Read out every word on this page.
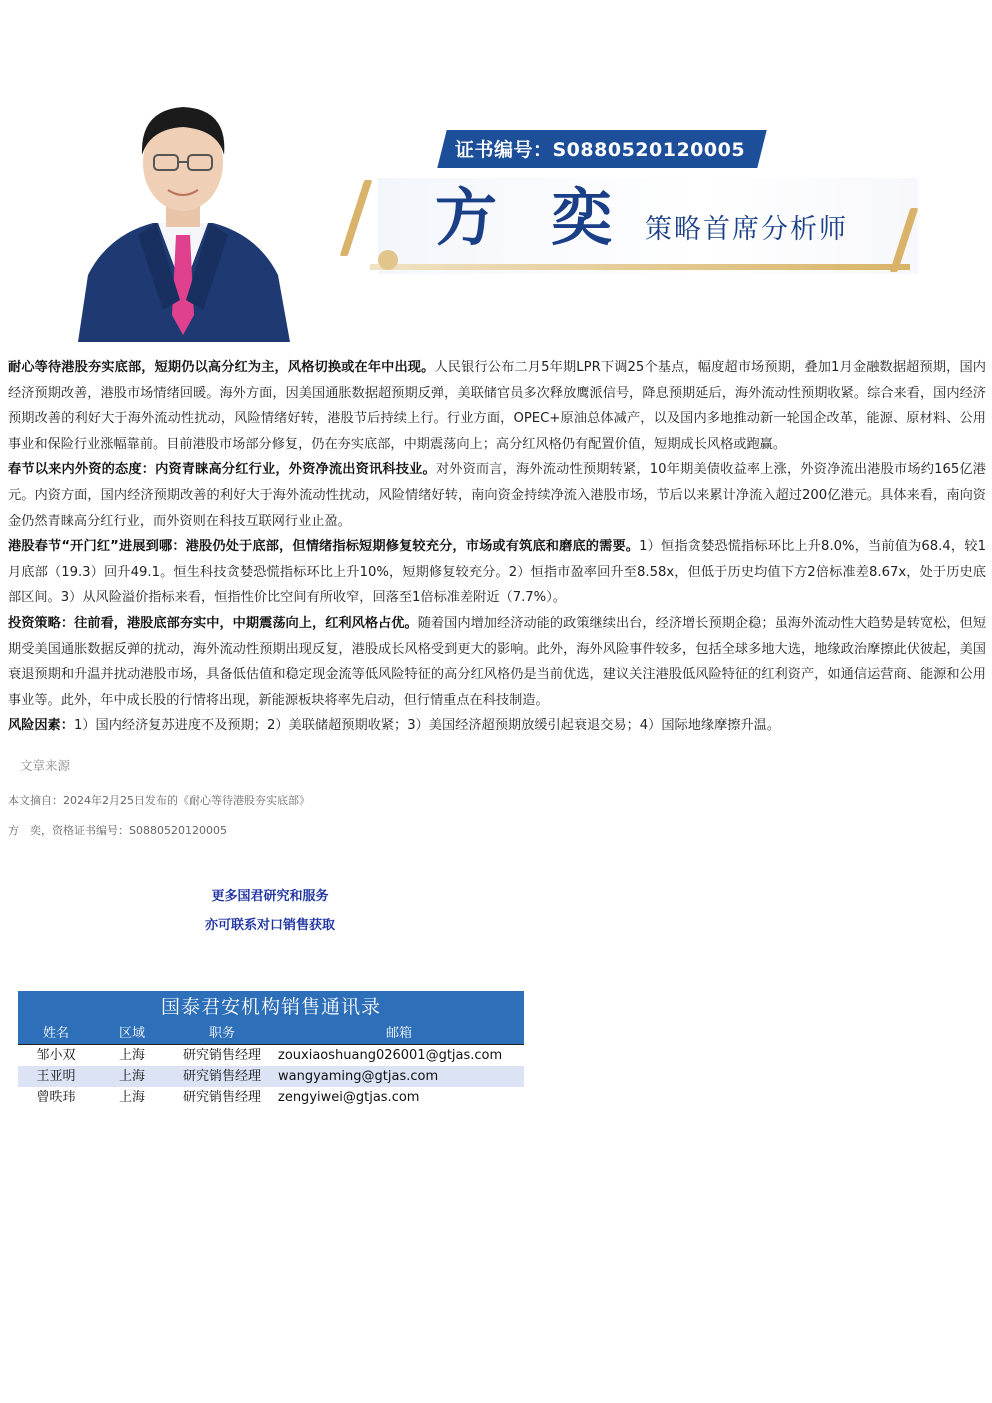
证书编号：S0880520120005
方 奕 策略首席分析师

耐心等待港股夯实底部，短期仍以高分红为主，风格切换或在年中出现。人民银行公布二月5年期LPR下调25个基点，幅度超市场预期，叠加1月金融数据超预期，国内经济预期改善，港股市场情绪回暖。海外方面，因美国通胀数据超预期反弹，美联储官员多次释放鹰派信号，降息预期延后，海外流动性预期收紧。综合来看，国内经济预期改善的利好大于海外流动性扰动，风险情绪好转，港股节后持续上行。行业方面，OPEC+原油总体减产，以及国内多地推动新一轮国企改革，能源、原材料、公用事业和保险行业涨幅靠前。目前港股市场部分修复，仍在夯实底部，中期震荡向上；高分红风格仍有配置价值，短期成长风格或跑赢。

春节以来内外资的态度：内资青睐高分红行业，外资净流出资讯科技业。对外资而言，海外流动性预期转紧，10年期美债收益率上涨，外资净流出港股市场约165亿港元。内资方面，国内经济预期改善的利好大于海外流动性扰动，风险情绪好转，南向资金持续净流入港股市场，节后以来累计净流入超过200亿港元。具体来看，南向资金仍然青睐高分红行业，而外资则在科技互联网行业止盈。

港股春节“开门红”进展到哪：港股仍处于底部，但情绪指标短期修复较充分，市场或有筑底和磨底的需要。1）恒指贪婪恐慌指标环比上升8.0%，当前值为68.4，较1月底部（19.3）回升49.1。恒生科技贪婪恐慌指标环比上升10%，短期修复较充分。2）恒指市盈率回升至8.58x，但低于历史均值下方2倍标准差8.67x，处于历史底部区间。3）从风险溢价指标来看，恒指性价比空间有所收窄，回落至1倍标准差附近（7.7%）。

投资策略：往前看，港股底部夯实中，中期震荡向上，红利风格占优。随着国内增加经济动能的政策继续出台，经济增长预期企稳；虽海外流动性大趋势是转宽松，但短期受美国通胀数据反弹的扰动，海外流动性预期出现反复，港股成长风格受到更大的影响。此外，海外风险事件较多，包括全球多地大选，地缘政治摩擦此伏彼起，美国衰退预期和升温并扰动港股市场，具备低估值和稳定现金流等低风险特征的高分红风格仍是当前优选，建议关注港股低风险特征的红利资产，如通信运营商、能源和公用事业等。此外，年中成长股的行情将出现，新能源板块将率先启动，但行情重点在科技制造。

风险因素：1）国内经济复苏进度不及预期；2）美联储超预期收紧；3）美国经济超预期放缓引起衰退交易；4）国际地缘摩擦升温。

文章来源
本文摘自：2024年2月25日发布的《耐心等待港股夯实底部》
方　奕，资格证书编号：S0880520120005
更多国君研究和服务
亦可联系对口销售获取
国泰君安机构销售通讯录
姓名	区域	职务	邮箱
邹小双	上海	研究销售经理	zouxiaoshuang026001@gtjas.com
王亚明	上海	研究销售经理	wangyaming@gtjas.com
曾昳玮	上海	研究销售经理	zengyiwei@gtjas.com
